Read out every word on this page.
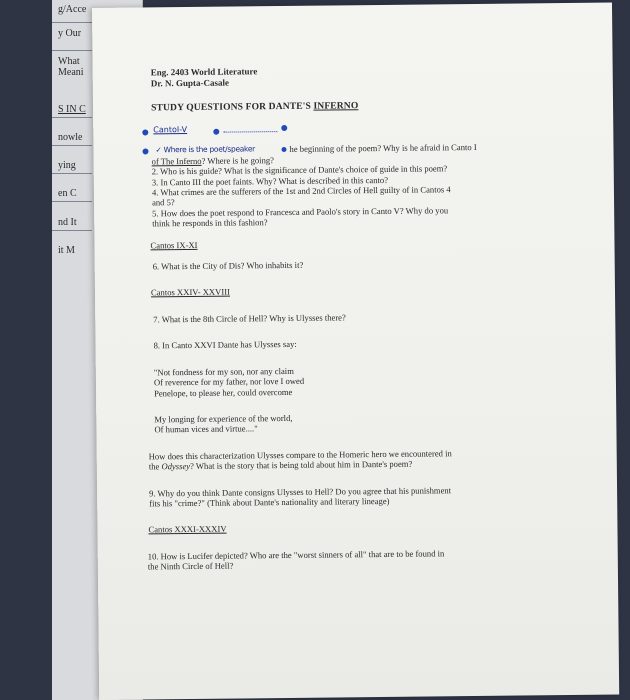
g/Acce
y Our
What
Meani
S IN C
nowle
ying
en C
nd It
it M
Eng. 2403 World Literature
Dr. N. Gupta-Casale
STUDY QUESTIONS FOR DANTE'S INFERNO
CantoI-V
✓ Where is the poet/speaker	he beginning of the poem? Why is he afraid in Canto I
of The Inferno? Where is he going?
2. Who is his guide? What is the significance of Dante's choice of guide in this poem?
3. In Canto III the poet faints. Why? What is described in this canto?
4. What crimes are the sufferers of the 1st and 2nd Circles of Hell guilty of in Cantos 4
and 5?
5. How does the poet respond to Francesca and Paolo's story in Canto V? Why do you
think he responds in this fashion?
Cantos IX-XI
6. What is the City of Dis? Who inhabits it?
Cantos XXIV- XXVIII
7. What is the 8th Circle of Hell? Why is Ulysses there?
8. In Canto XXVI Dante has Ulysses say:
"Not fondness for my son, nor any claim
Of reverence for my father, nor love I owed
Penelope, to please her, could overcome
My longing for experience of the world,
Of human vices and virtue...."
How does this characterization Ulysses compare to the Homeric hero we encountered in
the Odyssey? What is the story that is being told about him in Dante's poem?
9. Why do you think Dante consigns Ulysses to Hell? Do you agree that his punishment
fits his "crime?" (Think about Dante's nationality and literary lineage)
Cantos XXXI-XXXIV
10. How is Lucifer depicted? Who are the "worst sinners of all" that are to be found in
the Ninth Circle of Hell?
